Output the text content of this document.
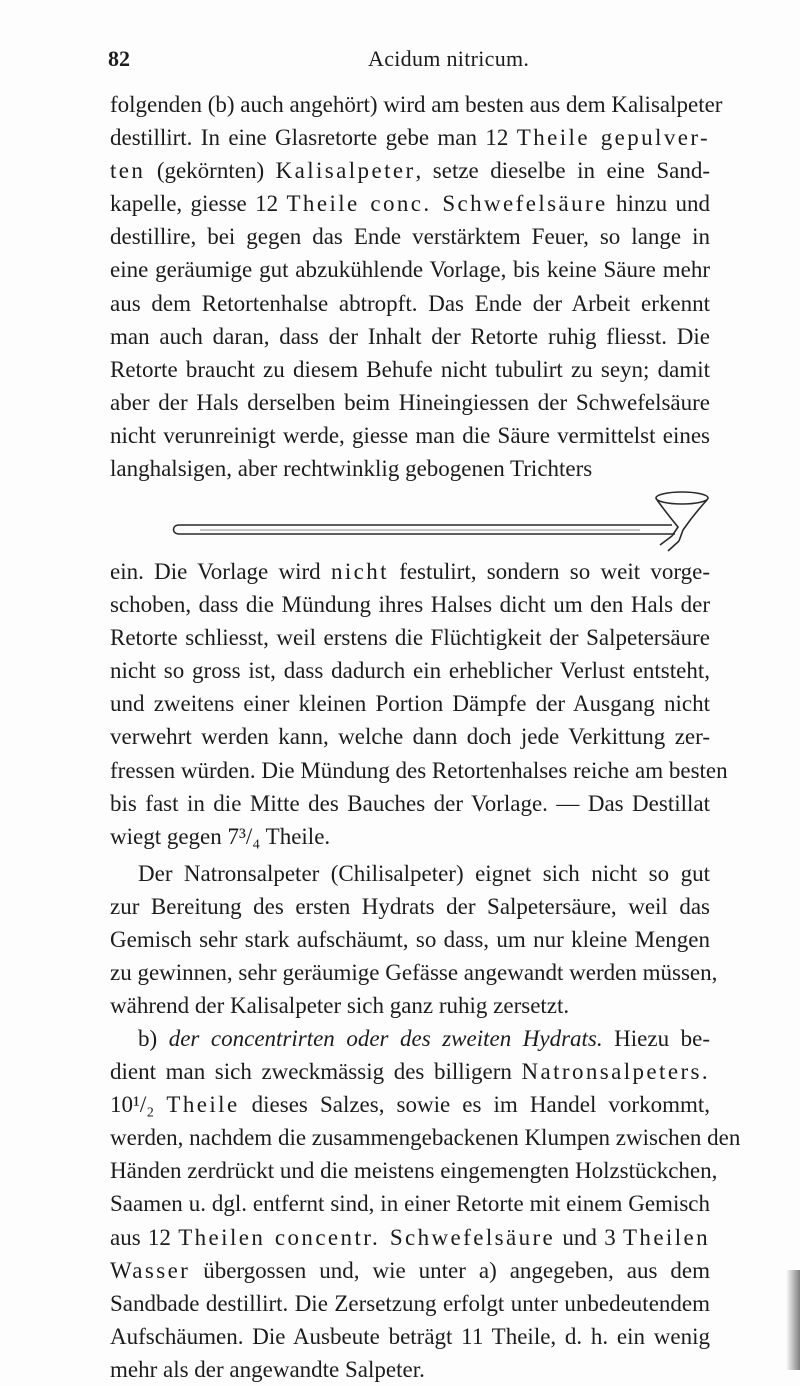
82	Acidum nitricum.
folgenden (b) auch angehört) wird am besten aus dem Kalisalpeter
destillirt. In eine Glasretorte gebe man 12 Theile gepulver-
ten (gekörnten) Kalisalpeter, setze dieselbe in eine Sand-
kapelle, giesse 12 Theile conc. Schwefelsäure hinzu und
destillire, bei gegen das Ende verstärktem Feuer, so lange in
eine geräumige gut abzukühlende Vorlage, bis keine Säure mehr
aus dem Retortenhalse abtropft. Das Ende der Arbeit erkennt
man auch daran, dass der Inhalt der Retorte ruhig fliesst. Die
Retorte braucht zu diesem Behufe nicht tubulirt zu seyn; damit
aber der Hals derselben beim Hineingiessen der Schwefelsäure
nicht verunreinigt werde, giesse man die Säure vermittelst eines
langhalsigen, aber rechtwinklig gebogenen Trichters
ein. Die Vorlage wird nicht festulirt, sondern so weit vorge-
schoben, dass die Mündung ihres Halses dicht um den Hals der
Retorte schliesst, weil erstens die Flüchtigkeit der Salpetersäure
nicht so gross ist, dass dadurch ein erheblicher Verlust entsteht,
und zweitens einer kleinen Portion Dämpfe der Ausgang nicht
verwehrt werden kann, welche dann doch jede Verkittung zer-
fressen würden. Die Mündung des Retortenhalses reiche am besten
bis fast in die Mitte des Bauches der Vorlage. — Das Destillat
wiegt gegen 7³/₄ Theile.
Der Natronsalpeter (Chilisalpeter) eignet sich nicht so gut
zur Bereitung des ersten Hydrats der Salpetersäure, weil das
Gemisch sehr stark aufschäumt, so dass, um nur kleine Mengen
zu gewinnen, sehr geräumige Gefässe angewandt werden müssen,
während der Kalisalpeter sich ganz ruhig zersetzt.
b) der concentrirten oder des zweiten Hydrats. Hiezu be-
dient man sich zweckmässig des billigern Natronsalpeters.
10¹/₂ Theile dieses Salzes, sowie es im Handel vorkommt,
werden, nachdem die zusammengebackenen Klumpen zwischen den
Händen zerdrückt und die meistens eingemengten Holzstückchen,
Saamen u. dgl. entfernt sind, in einer Retorte mit einem Gemisch
aus 12 Theilen concentr. Schwefelsäure und 3 Theilen
Wasser übergossen und, wie unter a) angegeben, aus dem
Sandbade destillirt. Die Zersetzung erfolgt unter unbedeutendem
Aufschäumen. Die Ausbeute beträgt 11 Theile, d. h. ein wenig
mehr als der angewandte Salpeter.
